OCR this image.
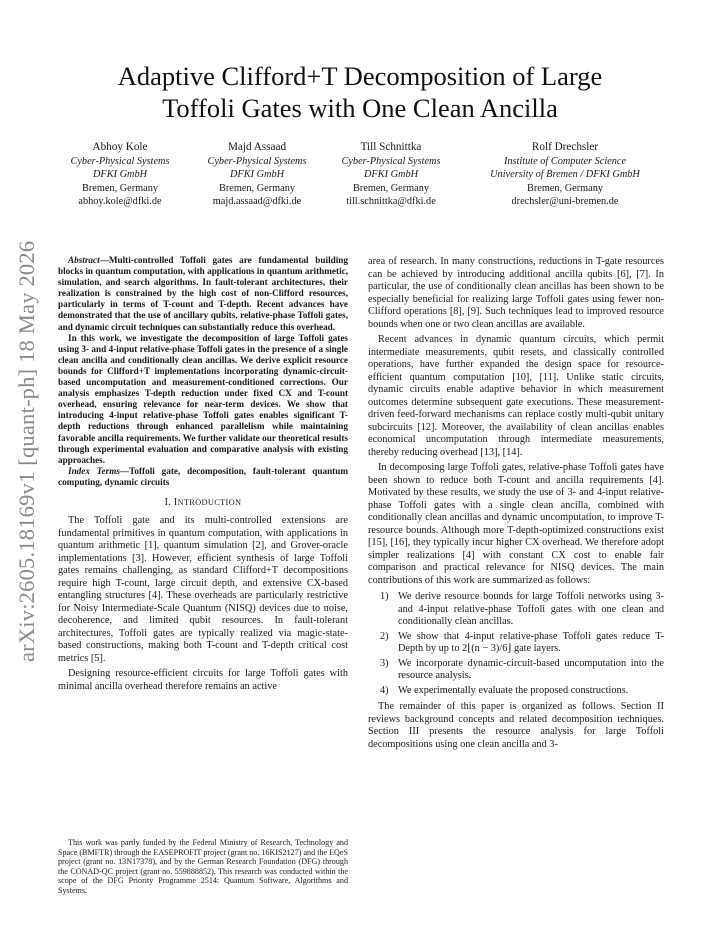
arXiv:2605.18169v1 [quant-ph] 18 May 2026
Adaptive Clifford+T Decomposition of Large
Toffoli Gates with One Clean Ancilla
Abhoy Kole
Cyber-Physical Systems
DFKI GmbH
Bremen, Germany
abhoy.kole@dfki.de
Majd Assaad
Cyber-Physical Systems
DFKI GmbH
Bremen, Germany
majd.assaad@dfki.de
Till Schnittka
Cyber-Physical Systems
DFKI GmbH
Bremen, Germany
till.schnittka@dfki.de
Rolf Drechsler
Institute of Computer Science
University of Bremen / DFKI GmbH
Bremen, Germany
drechsler@uni-bremen.de

Abstract—Multi-controlled Toffoli gates are fundamental building blocks in quantum computation, with applications in quantum arithmetic, simulation, and search algorithms. In fault-tolerant architectures, their realization is constrained by the high cost of non-Clifford resources, particularly in terms of T-count and T-depth. Recent advances have demonstrated that the use of ancillary qubits, relative-phase Toffoli gates, and dynamic circuit techniques can substantially reduce this overhead.

In this work, we investigate the decomposition of large Toffoli gates using 3- and 4-input relative-phase Toffoli gates in the presence of a single clean ancilla and conditionally clean ancillas. We derive explicit resource bounds for Clifford+T implementations incorporating dynamic-circuit-based uncomputation and measurement-conditioned corrections. Our analysis emphasizes T-depth reduction under fixed CX and T-count overhead, ensuring relevance for near-term devices. We show that introducing 4-input relative-phase Toffoli gates enables significant T-depth reductions through enhanced parallelism while maintaining favorable ancilla requirements. We further validate our theoretical results through experimental evaluation and comparative analysis with existing approaches.

Index Terms—Toffoli gate, decomposition, fault-tolerant quantum computing, dynamic circuits

I. INTRODUCTION

The Toffoli gate and its multi-controlled extensions are fundamental primitives in quantum computation, with applications in quantum arithmetic [1], quantum simulation [2], and Grover-oracle implementations [3]. However, efficient synthesis of large Toffoli gates remains challenging, as standard Clifford+T decompositions require high T-count, large circuit depth, and extensive CX-based entangling structures [4]. These overheads are particularly restrictive for Noisy Intermediate-Scale Quantum (NISQ) devices due to noise, decoherence, and limited qubit resources. In fault-tolerant architectures, Toffoli gates are typically realized via magic-state-based constructions, making both T-count and T-depth critical cost metrics [5].

Designing resource-efficient circuits for large Toffoli gates with minimal ancilla overhead therefore remains an active

This work was partly funded by the Federal Ministry of Research, Technology and Space (BMFTR) through the EASEPROFIT project (grant no. 16KIS2127) and the EQeS project (grant no. 13N17378), and by the German Research Foundation (DFG) through the CONAD-QC project (grant no. 559888852). This research was conducted within the scope of the DFG Priority Programme 2514: Quantum Software, Algorithms and Systems.

area of research. In many constructions, reductions in T-gate resources can be achieved by introducing additional ancilla qubits [6], [7]. In particular, the use of conditionally clean ancillas has been shown to be especially beneficial for realizing large Toffoli gates using fewer non-Clifford operations [8], [9]. Such techniques lead to improved resource bounds when one or two clean ancillas are available.

Recent advances in dynamic quantum circuits, which permit intermediate measurements, qubit resets, and classically controlled operations, have further expanded the design space for resource-efficient quantum computation [10], [11]. Unlike static circuits, dynamic circuits enable adaptive behavior in which measurement outcomes determine subsequent gate executions. These measurement-driven feed-forward mechanisms can replace costly multi-qubit unitary subcircuits [12]. Moreover, the availability of clean ancillas enables economical uncomputation through intermediate measurements, thereby reducing overhead [13], [14].

In decomposing large Toffoli gates, relative-phase Toffoli gates have been shown to reduce both T-count and ancilla requirements [4]. Motivated by these results, we study the use of 3- and 4-input relative-phase Toffoli gates with a single clean ancilla, combined with conditionally clean ancillas and dynamic uncomputation, to improve T-resource bounds. Although more T-depth-optimized constructions exist [15], [16], they typically incur higher CX overhead. We therefore adopt simpler realizations [4] with constant CX cost to enable fair comparison and practical relevance for NISQ devices. The main contributions of this work are summarized as follows:

1) We derive resource bounds for large Toffoli networks using 3- and 4-input relative-phase Toffoli gates with one clean and conditionally clean ancillas.
2) We show that 4-input relative-phase Toffoli gates reduce T-Depth by up to 2⌊(n − 3)/6⌋ gate layers.
3) We incorporate dynamic-circuit-based uncomputation into the resource analysis.
4) We experimentally evaluate the proposed constructions.

The remainder of this paper is organized as follows. Section II reviews background concepts and related decomposition techniques. Section III presents the resource analysis for large Toffoli decompositions using one clean ancilla and 3-
